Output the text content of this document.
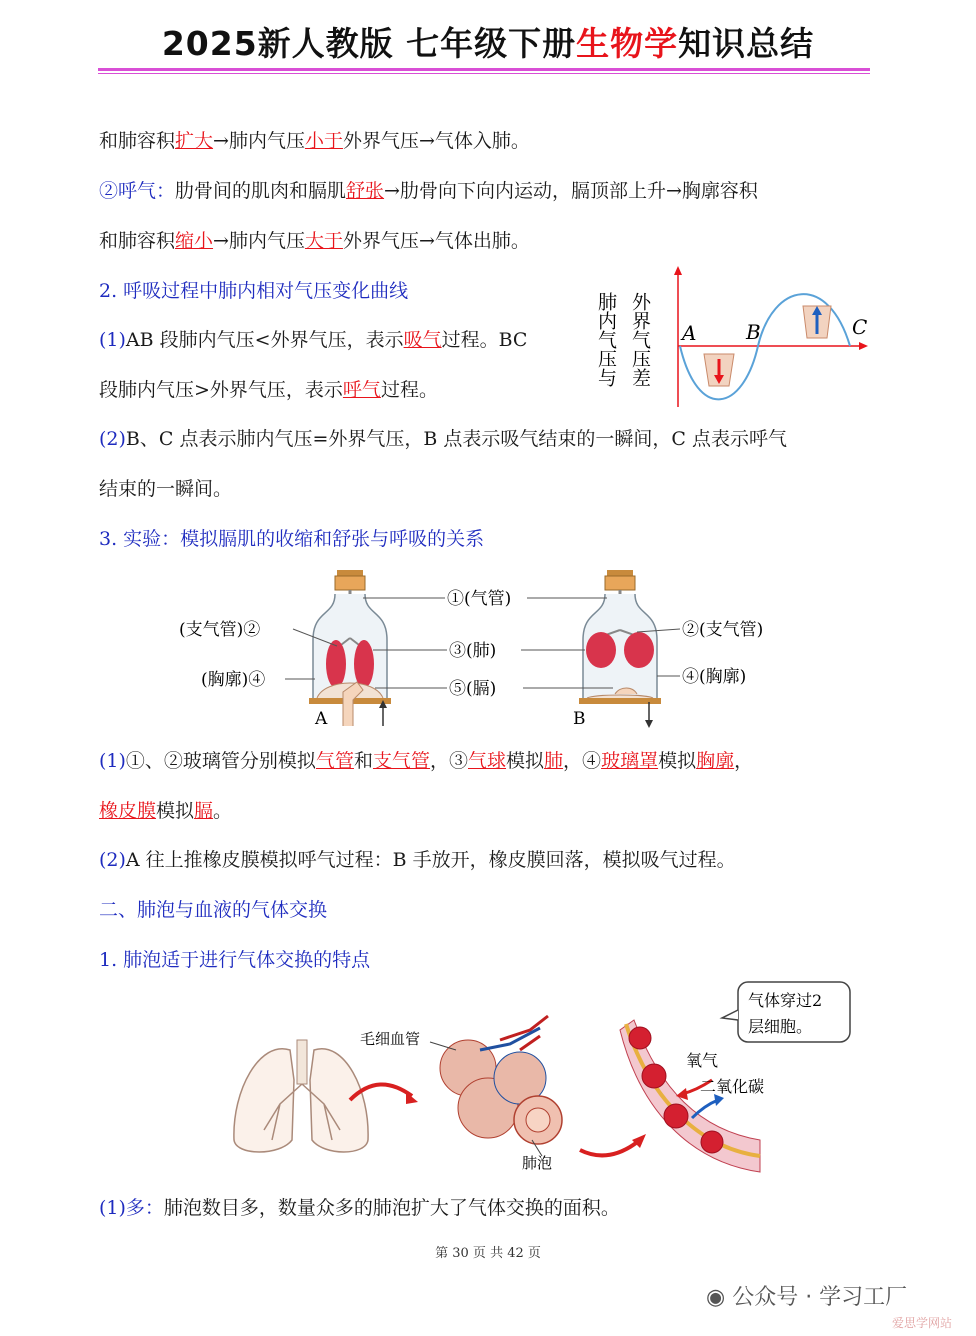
2025新人教版 七年级下册生物学知识总结
和肺容积扩大→肺内气压小于外界气压→气体入肺。
②呼气：肋骨间的肌肉和膈肌舒张→肋骨向下向内运动，膈顶部上升→胸廓容积
和肺容积缩小→肺内气压大于外界气压→气体出肺。
2. 呼吸过程中肺内相对气压变化曲线
(1)AB 段肺内气压<外界气压，表示吸气过程。BC
段肺内气压>外界气压，表示呼气过程。
(2)B、C 点表示肺内气压=外界气压，B 点表示吸气结束的一瞬间，C 点表示呼气
结束的一瞬间。
肺内气压与 外界气压差 A B	C
3. 实验：模拟膈肌的收缩和舒张与呼吸的关系
A	B
①(气管)
(支气管)②	②(支气管)
③(肺)
(胸廓)④	④(胸廓)
⑤(膈)
(1)①、②玻璃管分别模拟气管和支气管，③气球模拟肺，④玻璃罩模拟胸廓，
橡皮膜模拟膈。
(2)A 往上推橡皮膜模拟呼气过程：B 手放开，橡皮膜回落，模拟吸气过程。
二、肺泡与血液的气体交换
1. 肺泡适于进行气体交换的特点
毛细血管
肺泡
氧气
二氧化碳
气体穿过2
层细胞。
(1)多：肺泡数目多，数量众多的肺泡扩大了气体交换的面积。
第 30 页 共 42 页
◉ 公众号 · 学习工厂
爱思学网站
